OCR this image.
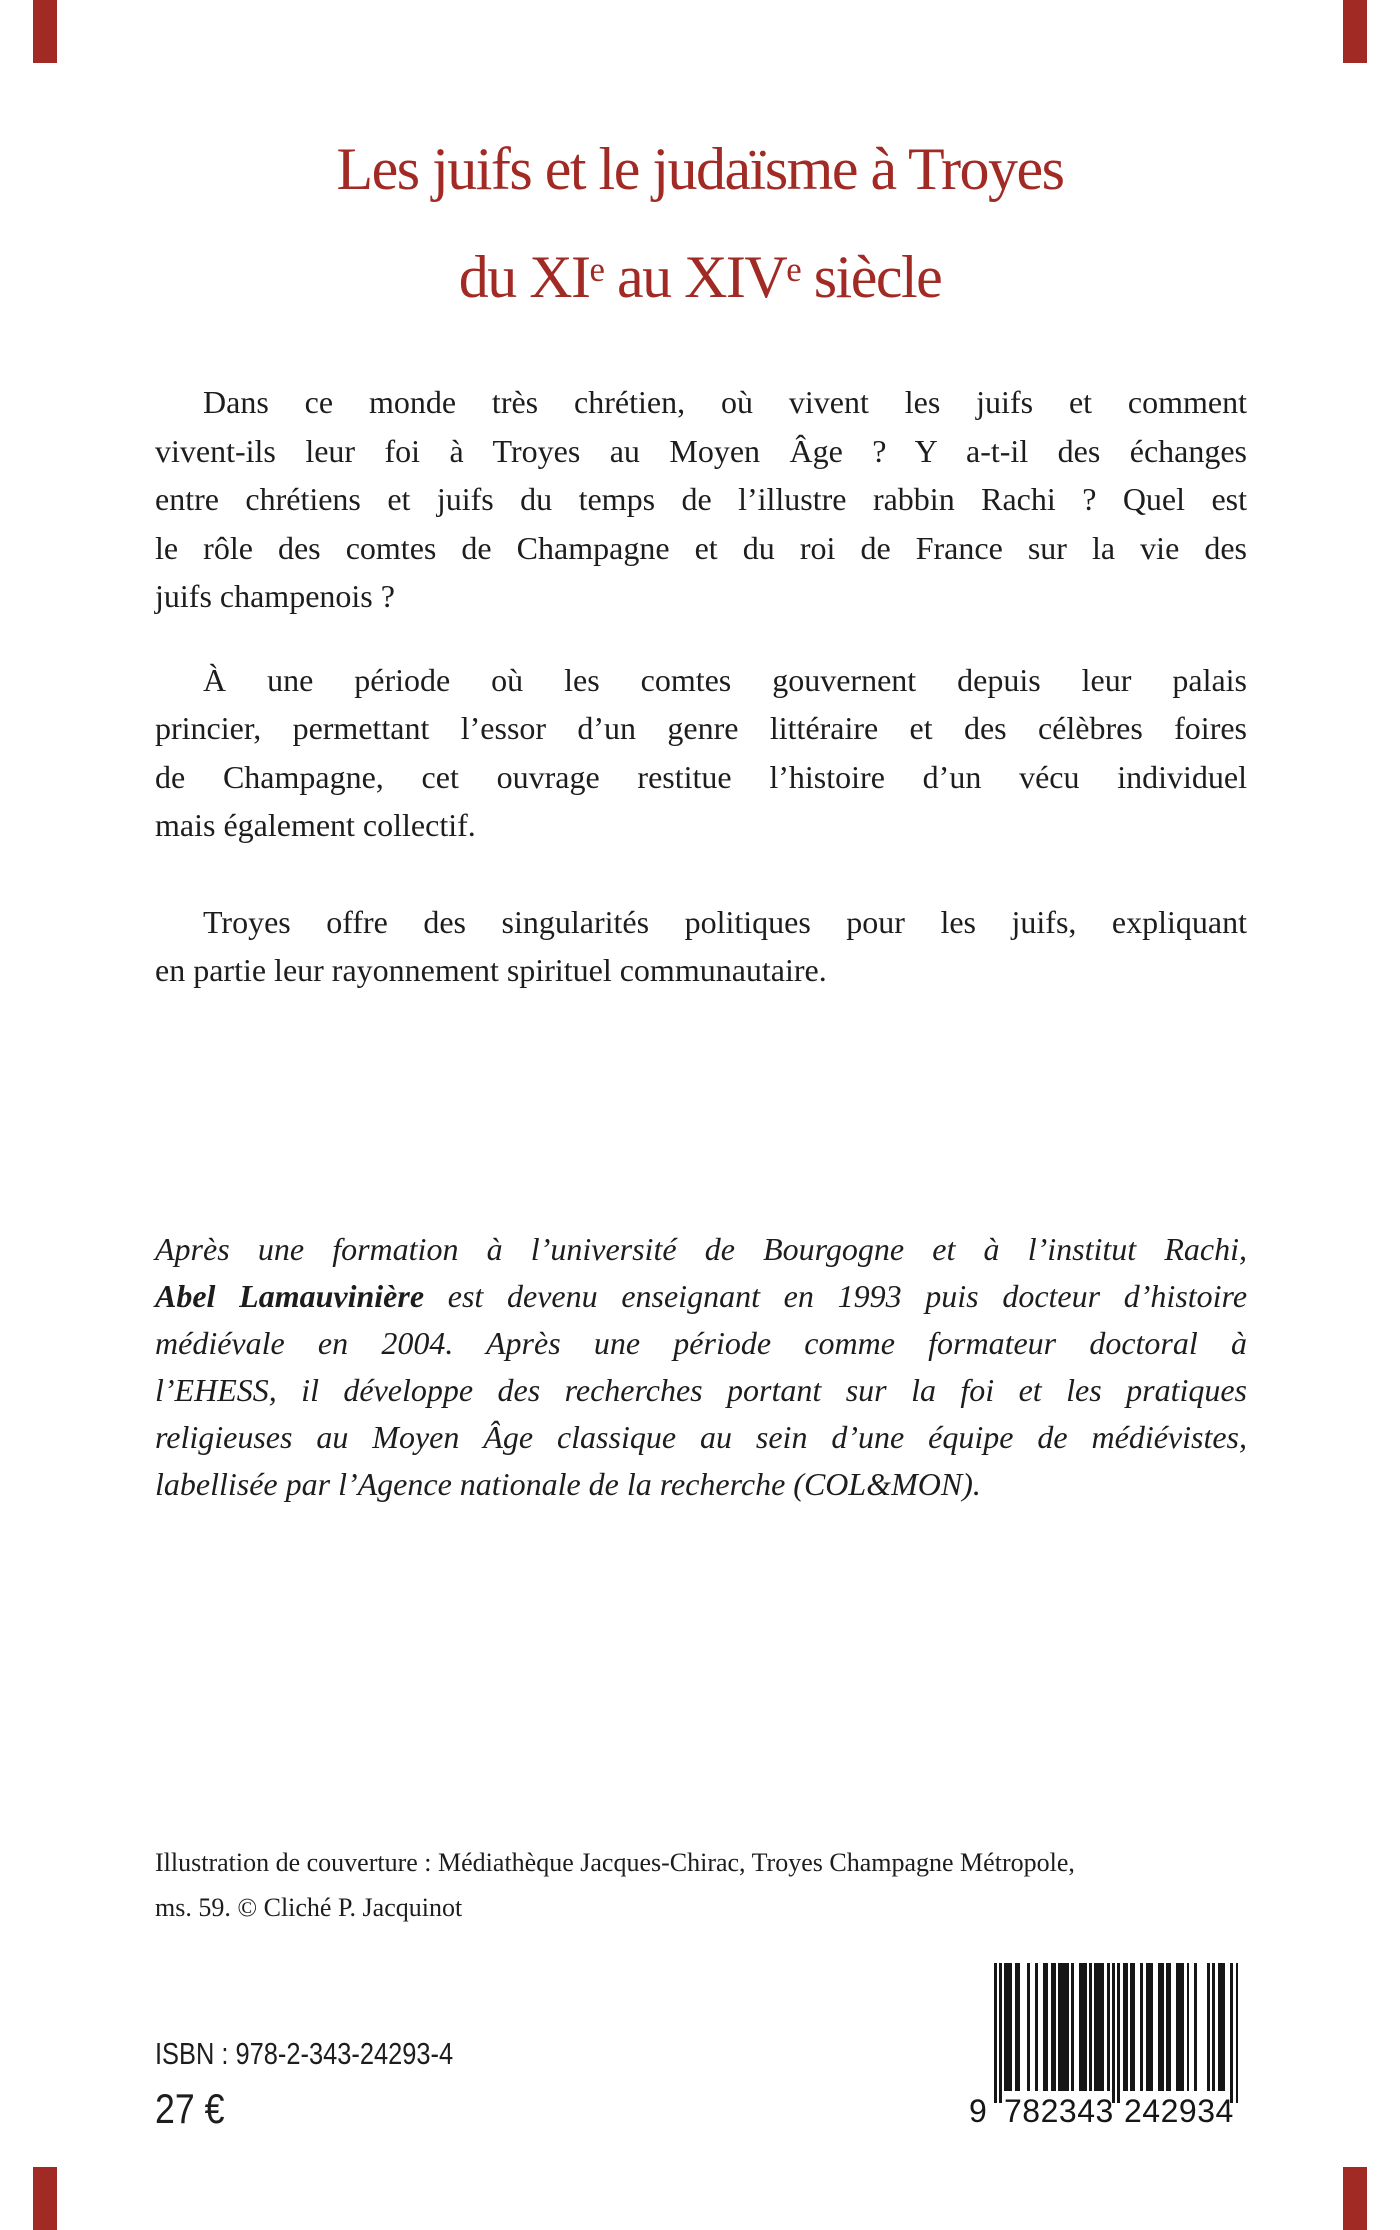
Les juifs et le judaïsme à Troyes
du XIe au XIVe siècle
Dans ce monde très chrétien, où vivent les juifs et comment
vivent-ils leur foi à Troyes au Moyen Âge ? Y a-t-il des échanges
entre chrétiens et juifs du temps de l’illustre rabbin Rachi ? Quel est
le rôle des comtes de Champagne et du roi de France sur la vie des
juifs champenois ?
À une période où les comtes gouvernent depuis leur palais
princier, permettant l’essor d’un genre littéraire et des célèbres foires
de Champagne, cet ouvrage restitue l’histoire d’un vécu individuel
mais également collectif.
Troyes offre des singularités politiques pour les juifs, expliquant
en partie leur rayonnement spirituel communautaire.
Après une formation à l’université de Bourgogne et à l’institut Rachi,
Abel Lamauvinière est devenu enseignant en 1993 puis docteur d’histoire
médiévale en 2004. Après une période comme formateur doctoral à
l’EHESS, il développe des recherches portant sur la foi et les pratiques
religieuses au Moyen Âge classique au sein d’une équipe de médiévistes,
labellisée par l’Agence nationale de la recherche (COL&MON).
Illustration de couverture : Médiathèque Jacques-Chirac, Troyes Champagne Métropole,
ms. 59. © Cliché P. Jacquinot
ISBN : 978-2-343-24293-4
27 €	9 782343 242934
